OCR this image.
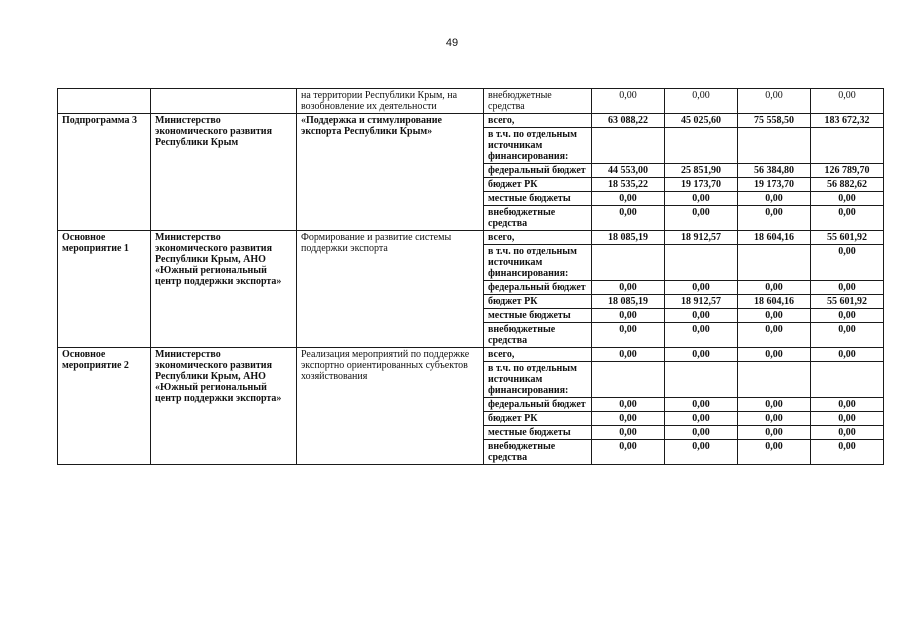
49
		на территории Республики Крым, на возобновление их деятельности	внебюджетные средства	0,00	0,00	0,00	0,00
Подпрограмма 3	Министерство экономического развития Республики Крым	«Поддержка и стимулирование экспорта Республики Крым»	всего,	63 088,22	45 025,60	75 558,50	183 672,32
			в т.ч. по отдельным источникам финансирования:				
			федеральный бюджет	44 553,00	25 851,90	56 384,80	126 789,70
			бюджет РК	18 535,22	19 173,70	19 173,70	56 882,62
			местные бюджеты	0,00	0,00	0,00	0,00
			внебюджетные средства	0,00	0,00	0,00	0,00
Основное мероприятие 1	Министерство экономического развития Республики Крым, АНО «Южный региональный центр поддержки экспорта»	Формирование и развитие системы поддержки экспорта	всего,	18 085,19	18 912,57	18 604,16	55 601,92
			в т.ч. по отдельным источникам финансирования:				0,00
			федеральный бюджет	0,00	0,00	0,00	0,00
			бюджет РК	18 085,19	18 912,57	18 604,16	55 601,92
			местные бюджеты	0,00	0,00	0,00	0,00
			внебюджетные средства	0,00	0,00	0,00	0,00
Основное мероприятие 2	Министерство экономического развития Республики Крым, АНО «Южный региональный центр поддержки экспорта»	Реализация мероприятий по поддержке экспортно ориентированных субъектов хозяйствования	всего,	0,00	0,00	0,00	0,00
			в т.ч. по отдельным источникам финансирования:				
			федеральный бюджет	0,00	0,00	0,00	0,00
			бюджет РК	0,00	0,00	0,00	0,00
			местные бюджеты	0,00	0,00	0,00	0,00
			внебюджетные средства	0,00	0,00	0,00	0,00
